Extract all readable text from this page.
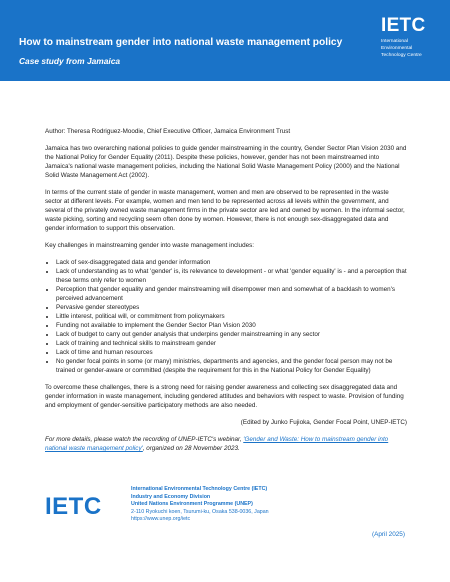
How to mainstream gender into national waste management policy
Case study from Jamaica
IETC
International
Environmental
Technology Centre

Author: Theresa Rodriguez-Moodie, Chief Executive Officer, Jamaica Environment Trust

Jamaica has two overarching national policies to guide gender mainstreaming in the country, Gender Sector Plan Vision 2030 and the National Policy for Gender Equality (2011). Despite these policies, however, gender has not been mainstreamed into Jamaica's national waste management policies, including the National Solid Waste Management Policy (2000) and the National Solid Waste Management Act (2002).

In terms of the current state of gender in waste management, women and men are observed to be represented in the waste sector at different levels. For example, women and men tend to be represented across all levels within the government, and several of the privately owned waste management firms in the private sector are led and owned by women. In the informal sector, waste picking, sorting and recycling seem often done by women. However, there is not enough sex-disaggregated data and gender information to support this observation.

Key challenges in mainstreaming gender into waste management includes:

• Lack of sex-disaggregated data and gender information
• Lack of understanding as to what 'gender' is, its relevance to development - or what 'gender equality' is - and a perception that these terms only refer to women
• Perception that gender equality and gender mainstreaming will disempower men and somewhat of a backlash to women's perceived advancement
• Pervasive gender stereotypes
• Little interest, political will, or commitment from policymakers
• Funding not available to implement the Gender Sector Plan Vision 2030
• Lack of budget to carry out gender analysis that underpins gender mainstreaming in any sector
• Lack of training and technical skills to mainstream gender
• Lack of time and human resources
• No gender focal points in some (or many) ministries, departments and agencies, and the gender focal person may not be trained or gender-aware or committed (despite the requirement for this in the National Policy for Gender Equality)

To overcome these challenges, there is a strong need for raising gender awareness and collecting sex disaggregated data and gender information in waste management, including gendered attitudes and behaviors with respect to waste. Provision of funding and employment of gender-sensitive participatory methods are also needed.

(Edited by Junko Fujioka, Gender Focal Point, UNEP-IETC)

For more details, please watch the recording of UNEP-IETC's webinar, 'Gender and Waste: How to mainstream gender into national waste management policy', organized on 28 November 2023.

IETC
International Environmental Technology Centre (IETC)
Industry and Economy Division
United Nations Environment Programme (UNEP)
2-110 Ryokuchi koen, Tsurumi-ku, Osaka 538-0036, Japan
https://www.unep.org/ietc
(April 2025)
